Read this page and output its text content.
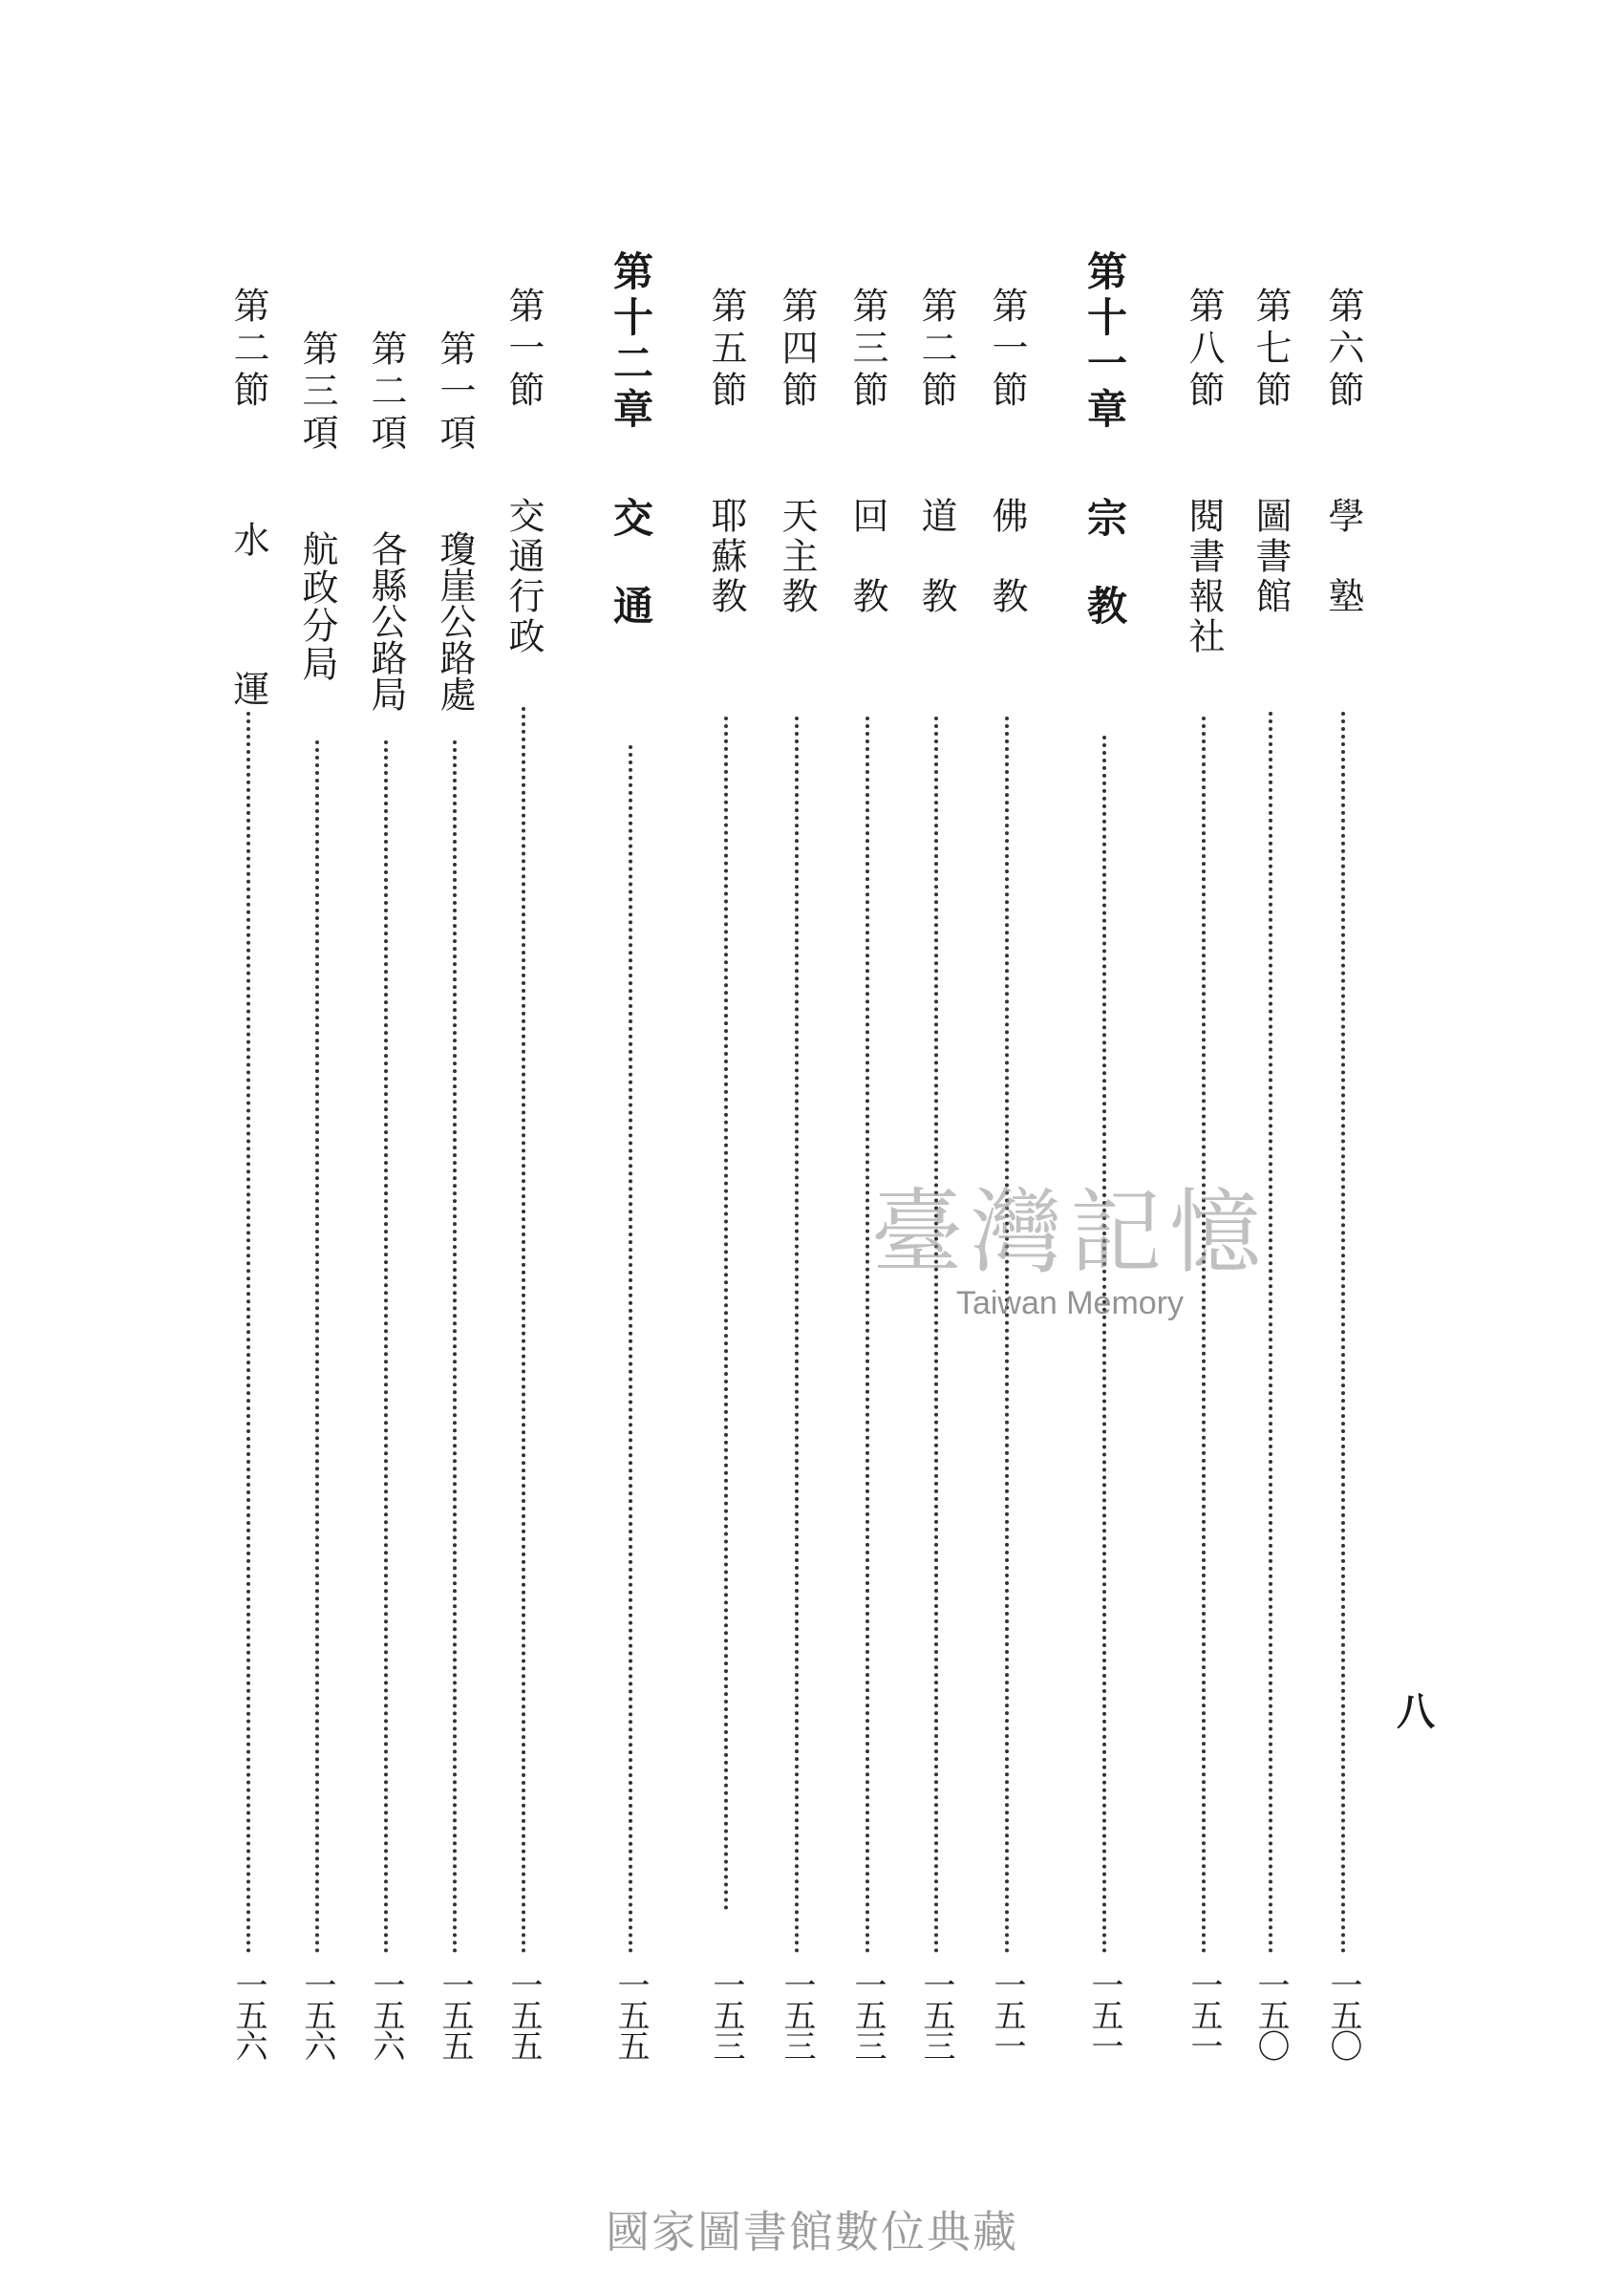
第六節
學　塾
一五〇
第七節
圖書館
一五〇
第八節
閱書報社
一五一
第十一章
宗　教
一五一
第一節
佛　教
一五一
第二節
道　教
一五三
第三節
回　教
一五三
第四節
天主教
一五三
第五節
耶蘇教
一五三
第十二章
交　通
一五五
第一節
交通行政
一五五
第一項
瓊崖公路處
一五五
第二項
各縣公路局
一五六
第三項
航政分局
一五六
第二節
水　運
一五六
八
臺灣記憶
Taiwan Memory
國家圖書館數位典藏
